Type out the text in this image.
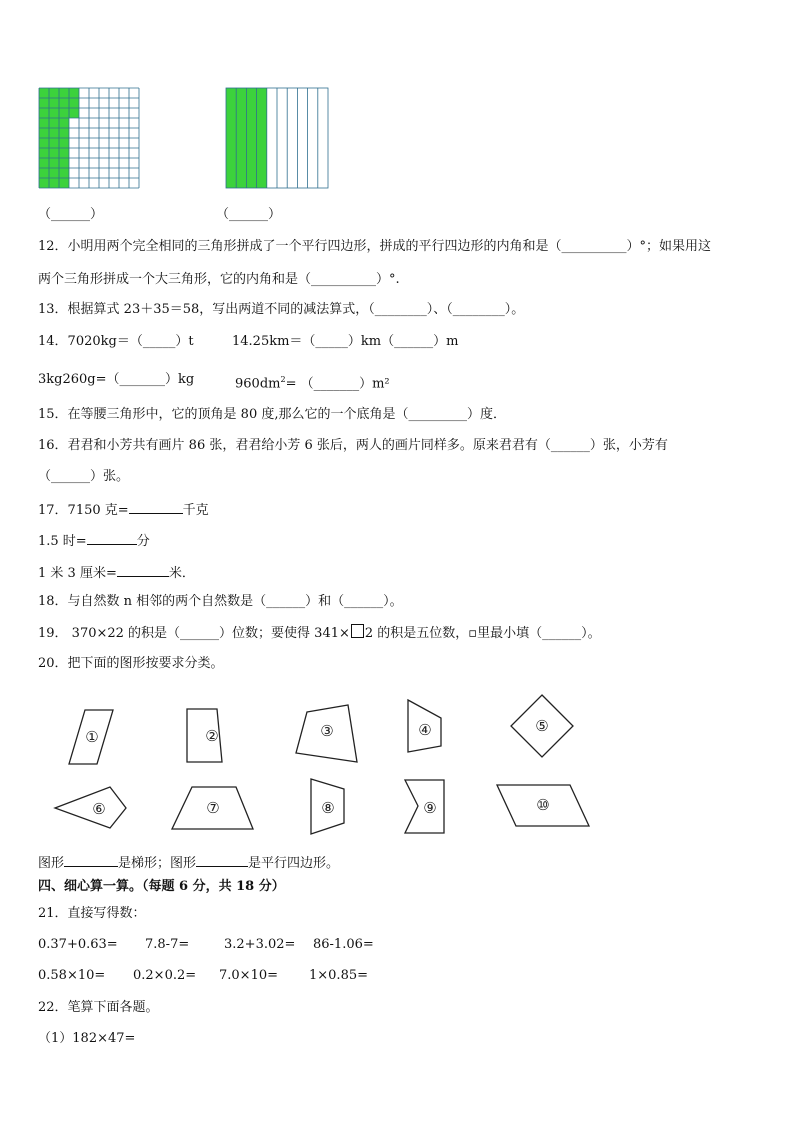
（______）	（______）
12．小明用两个完全相同的三角形拼成了一个平行四边形，拼成的平行四边形的内角和是（__________）°；如果用这
两个三角形拼成一个大三角形，它的内角和是（__________）°.
13．根据算式 23＋35＝58，写出两道不同的减法算式，（________）、（________）。
14．7020kg＝（_____）t	14.25km＝（_____）km（______）m
3kg260g=（_______）kg	$960dm^2=$ （_______）m²
15．在等腰三角形中，它的顶角是 80 度,那么它的一个底角是（_________）度．
16．君君和小芳共有画片 86 张，君君给小芳 6 张后，两人的画片同样多。原来君君有（______）张，小芳有
（______）张。
17．7150 克=	千克
1.5 时=	分
1 米 3 厘米=	米．
18．与自然数 n 相邻的两个自然数是（______）和（______）。
19． 370×22 的积是（______）位数；要使得 341× 2 的积是五位数，▫里最小填（______）。
20．把下面的图形按要求分类。
①	②	③	④	⑤
⑥	⑦	⑧	⑨	⑩
图形	是梯形；图形	是平行四边形。
四、细心算一算。（每题 6 分，共 18 分）
21．直接写得数：
0.37+0.63= 7.8-7=	3.2+3.02= 86-1.06=
0.58×10= 0.2×0.2= 7.0×10= 1×0.85=
22．笔算下面各题。
（1）182×47=
